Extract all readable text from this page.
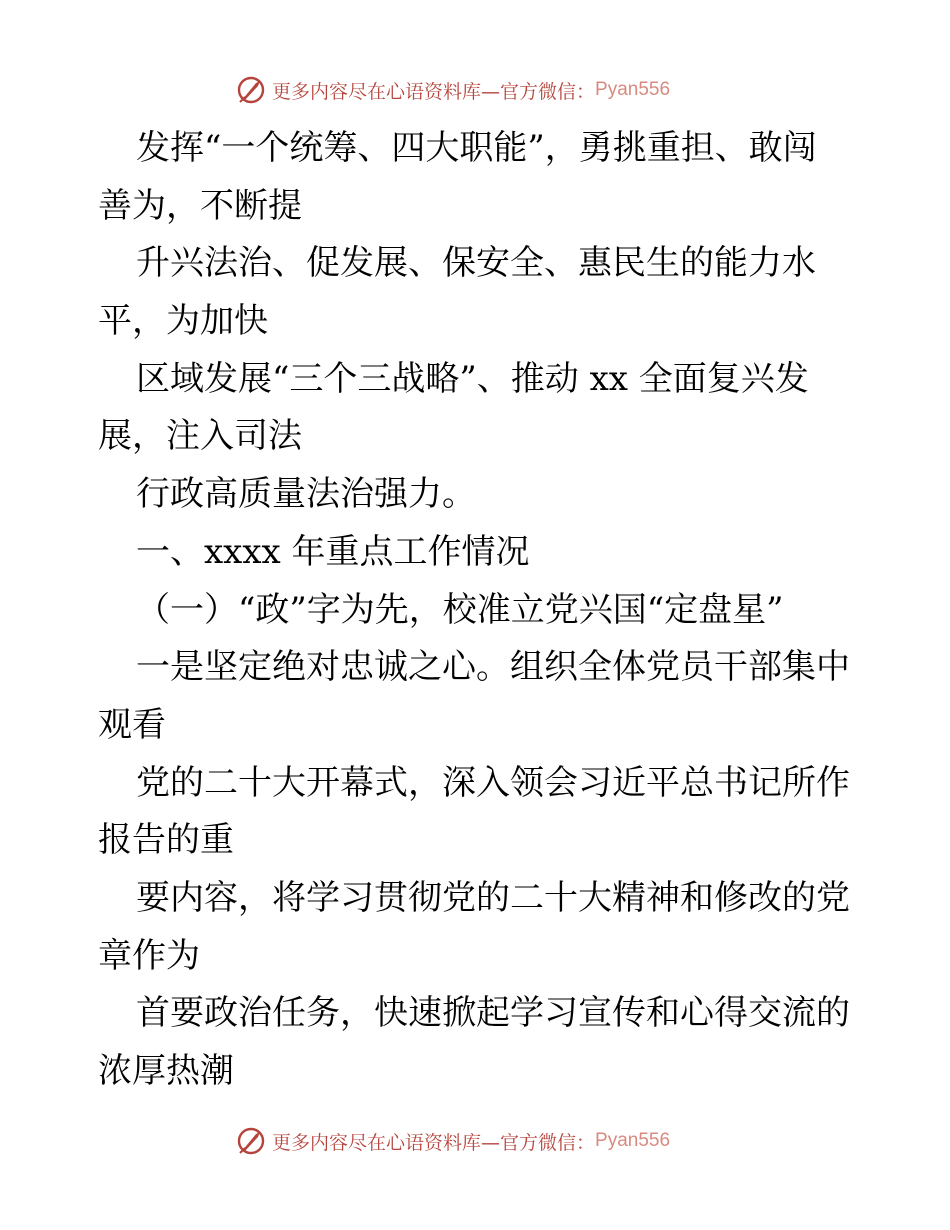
更多内容尽在心语资料库—官方微信： Pyan556

发挥“一个统筹、四大职能”，勇挑重担、敢闯

善为，不断提

升兴法治、促发展、保安全、惠民生的能力水

平，为加快

区域发展“三个三战略”、推动 xx 全面复兴发

展，注入司法

行政高质量法治强力。

一、xxxx 年重点工作情况

（一）“政”字为先，校准立党兴国“定盘星”

一是坚定绝对忠诚之心。组织全体党员干部集中

观看

党的二十大开幕式，深入领会习近平总书记所作

报告的重

要内容，将学习贯彻党的二十大精神和修改的党

章作为

首要政治任务，快速掀起学习宣传和心得交流的

浓厚热潮

更多内容尽在心语资料库—官方微信： Pyan556
